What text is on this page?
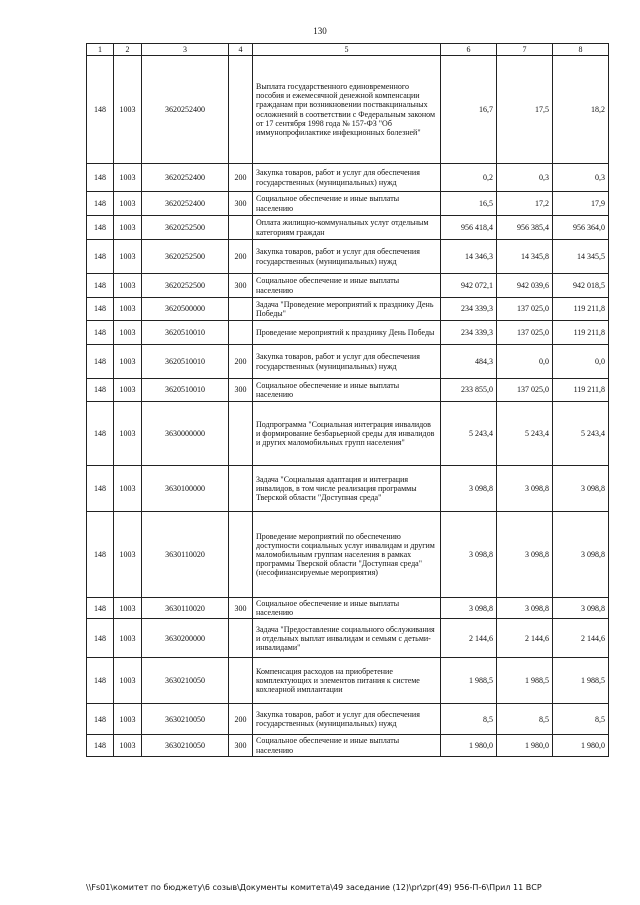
130
1	2	3	4	5	6	7	8
148	1003	3620252400		Выплата государственного единовременного пособия и ежемесячной денежной компенсации гражданам при возникновении поствакцинальных осложнений в соответствии с Федеральным законом от 17 сентября 1998 года № 157-ФЗ "Об иммунопрофилактике инфекционных болезней"	16,7	17,5	18,2
148	1003	3620252400	200	Закупка товаров, работ и услуг для обеспечения государственных (муниципальных) нужд	0,2	0,3	0,3
148	1003	3620252400	300	Социальное обеспечение и иные выплаты населению	16,5	17,2	17,9
148	1003	3620252500		Оплата жилищно-коммунальных услуг отдельным категориям граждан	956 418,4	956 385,4	956 364,0
148	1003	3620252500	200	Закупка товаров, работ и услуг для обеспечения государственных (муниципальных) нужд	14 346,3	14 345,8	14 345,5
148	1003	3620252500	300	Социальное обеспечение и иные выплаты населению	942 072,1	942 039,6	942 018,5
148	1003	3620500000		Задача "Проведение мероприятий к празднику День Победы"	234 339,3	137 025,0	119 211,8
148	1003	3620510010		Проведение мероприятий к празднику День Победы	234 339,3	137 025,0	119 211,8
148	1003	3620510010	200	Закупка товаров, работ и услуг для обеспечения государственных (муниципальных) нужд	484,3	0,0	0,0
148	1003	3620510010	300	Социальное обеспечение и иные выплаты населению	233 855,0	137 025,0	119 211,8
148	1003	3630000000		Подпрограмма "Социальная интеграция инвалидов и формирование безбарьерной среды для инвалидов и других маломобильных групп населения"	5 243,4	5 243,4	5 243,4
148	1003	3630100000		Задача "Социальная адаптация и интеграция инвалидов, в том числе реализация программы Тверской области "Доступная среда"	3 098,8	3 098,8	3 098,8
148	1003	3630110020		Проведение мероприятий по обеспечению доступности социальных услуг инвалидам и другим маломобильным группам населения в рамках программы Тверской области "Доступная среда" (несофинансируемые мероприятия)	3 098,8	3 098,8	3 098,8
148	1003	3630110020	300	Социальное обеспечение и иные выплаты населению	3 098,8	3 098,8	3 098,8
148	1003	3630200000		Задача "Предоставление социального обслуживания и отдельных выплат инвалидам и семьям с детьми-инвалидами"	2 144,6	2 144,6	2 144,6
148	1003	3630210050		Компенсация расходов на приобретение комплектующих и элементов питания к системе кохлеарной имплантации	1 988,5	1 988,5	1 988,5
148	1003	3630210050	200	Закупка товаров, работ и услуг для обеспечения государственных (муниципальных) нужд	8,5	8,5	8,5
148	1003	3630210050	300	Социальное обеспечение и иные выплаты населению	1 980,0	1 980,0	1 980,0
\\Fs01\комитет по бюджету\6 созыв\Документы комитета\49 заседание (12)\pr\zpr(49) 956-П-6\Прил 11 ВСР
